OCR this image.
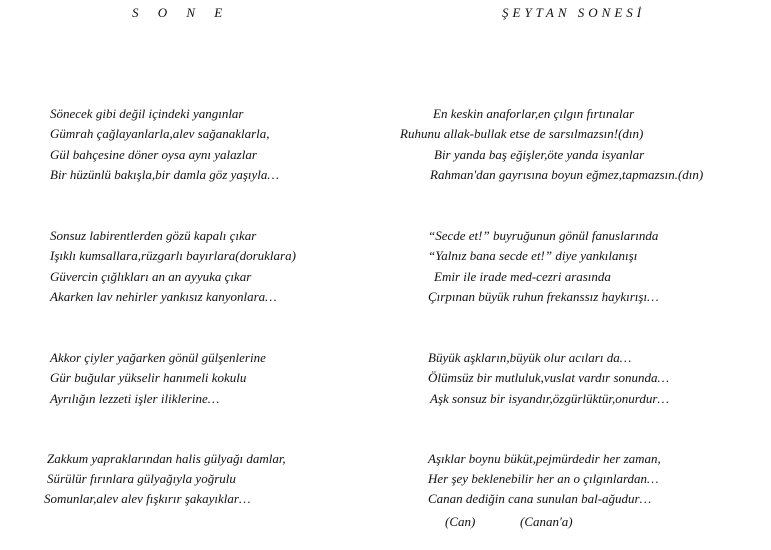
S O N E	ŞEYTAN SONESİ
Sönecek gibi değil içindeki yangınlar
Gümrah çağlayanlarla,alev sağanaklarla,
Gül bahçesine döner oysa aynı yalazlar
Bir hüzünlü bakışla,bir damla göz yaşıyla…
Sonsuz labirentlerden gözü kapalı çıkar
Işıklı kumsallara,rüzgarlı bayırlara(doruklara)
Güvercin çığlıkları an an ayyuka çıkar
Akarken lav nehirler yankısız kanyonlara…
Akkor çiyler yağarken gönül gülşenlerine
Gür buğular yükselir hanımeli kokulu
Ayrılığın lezzeti işler iliklerine…
Zakkum yapraklarından halis gülyağı damlar,
Sürülür fırınlara gülyağıyla yoğrulu
Somunlar,alev alev fışkırır şakayıklar…
En keskin anaforlar,en çılgın fırtınalar
Ruhunu allak-bullak etse de sarsılmazsın!(dın)
Bir yanda baş eğişler,öte yanda isyanlar
Rahman'dan gayrısına boyun eğmez,tapmazsın.(dın)
“Secde et!” buyruğunun gönül fanuslarında
“Yalnız bana secde et!” diye yankılanışı
Emir ile irade med-cezri arasında
Çırpınan büyük ruhun frekanssız haykırışı…
Büyük aşkların,büyük olur acıları da…
Ölümsüz bir mutluluk,vuslat vardır sonunda…
Aşk sonsuz bir isyandır,özgürlüktür,onurdur…
Aşıklar boynu büküt,pejmürdedir her zaman,
Her şey beklenebilir her an o çılgınlardan…
Canan dediğin cana sunulan bal-ağudur…
(Can)	(Canan'a)
